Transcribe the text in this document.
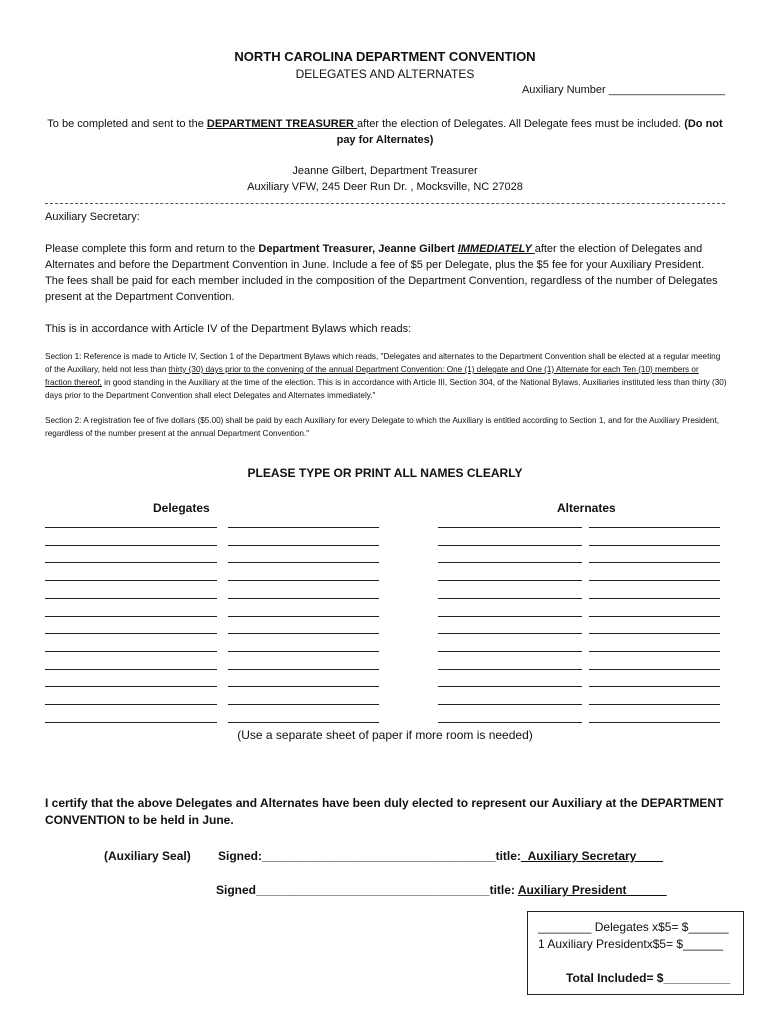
NORTH CAROLINA DEPARTMENT CONVENTION
DELEGATES AND ALTERNATES
Auxiliary Number ___________________
To be completed and sent to the DEPARTMENT TREASURER after the election of Delegates. All Delegate fees must be included. (Do not pay for Alternates)
Jeanne Gilbert, Department Treasurer
Auxiliary VFW, 245 Deer Run Dr. , Mocksville, NC 27028
Auxiliary Secretary:
Please complete this form and return to the Department Treasurer, Jeanne Gilbert IMMEDIATELY after the election of Delegates and Alternates and before the Department Convention in June. Include a fee of $5 per Delegate, plus the $5 fee for your Auxiliary President. The fees shall be paid for each member included in the composition of the Department Convention, regardless of the number of Delegates present at the Department Convention.
This is in accordance with Article IV of the Department Bylaws which reads:
Section 1: Reference is made to Article IV, Section 1 of the Department Bylaws which reads, "Delegates and alternates to the Department Convention shall be elected at a regular meeting of the Auxiliary, held not less than thirty (30) days prior to the convening of the annual Department Convention: One (1) delegate and One (1) Alternate for each Ten (10) members or fraction thereof, in good standing in the Auxiliary at the time of the election. This is in accordance with Article III, Section 304, of the National Bylaws. Auxiliaries instituted less than thirty (30) days prior to the Department Convention shall elect Delegates and Alternates immediately."
Section 2: A registration fee of five dollars ($5.00) shall be paid by each Auxiliary for every Delegate to which the Auxiliary is entitled according to Section 1, and for the Auxiliary President, regardless of the number present at the annual Department Convention."
PLEASE TYPE OR PRINT ALL NAMES CLEARLY
Delegates	Alternates
(Use a separate sheet of paper if more room is needed)
I certify that the above Delegates and Alternates have been duly elected to represent our Auxiliary at the DEPARTMENT CONVENTION to be held in June.
(Auxiliary Seal) Signed:___________________________________title:_Auxiliary Secretary____
Signed___________________________________title: Auxiliary President______
________ Delegates x$5= $______
1 Auxiliary Presidentx$5= $______
Total Included= $__________
